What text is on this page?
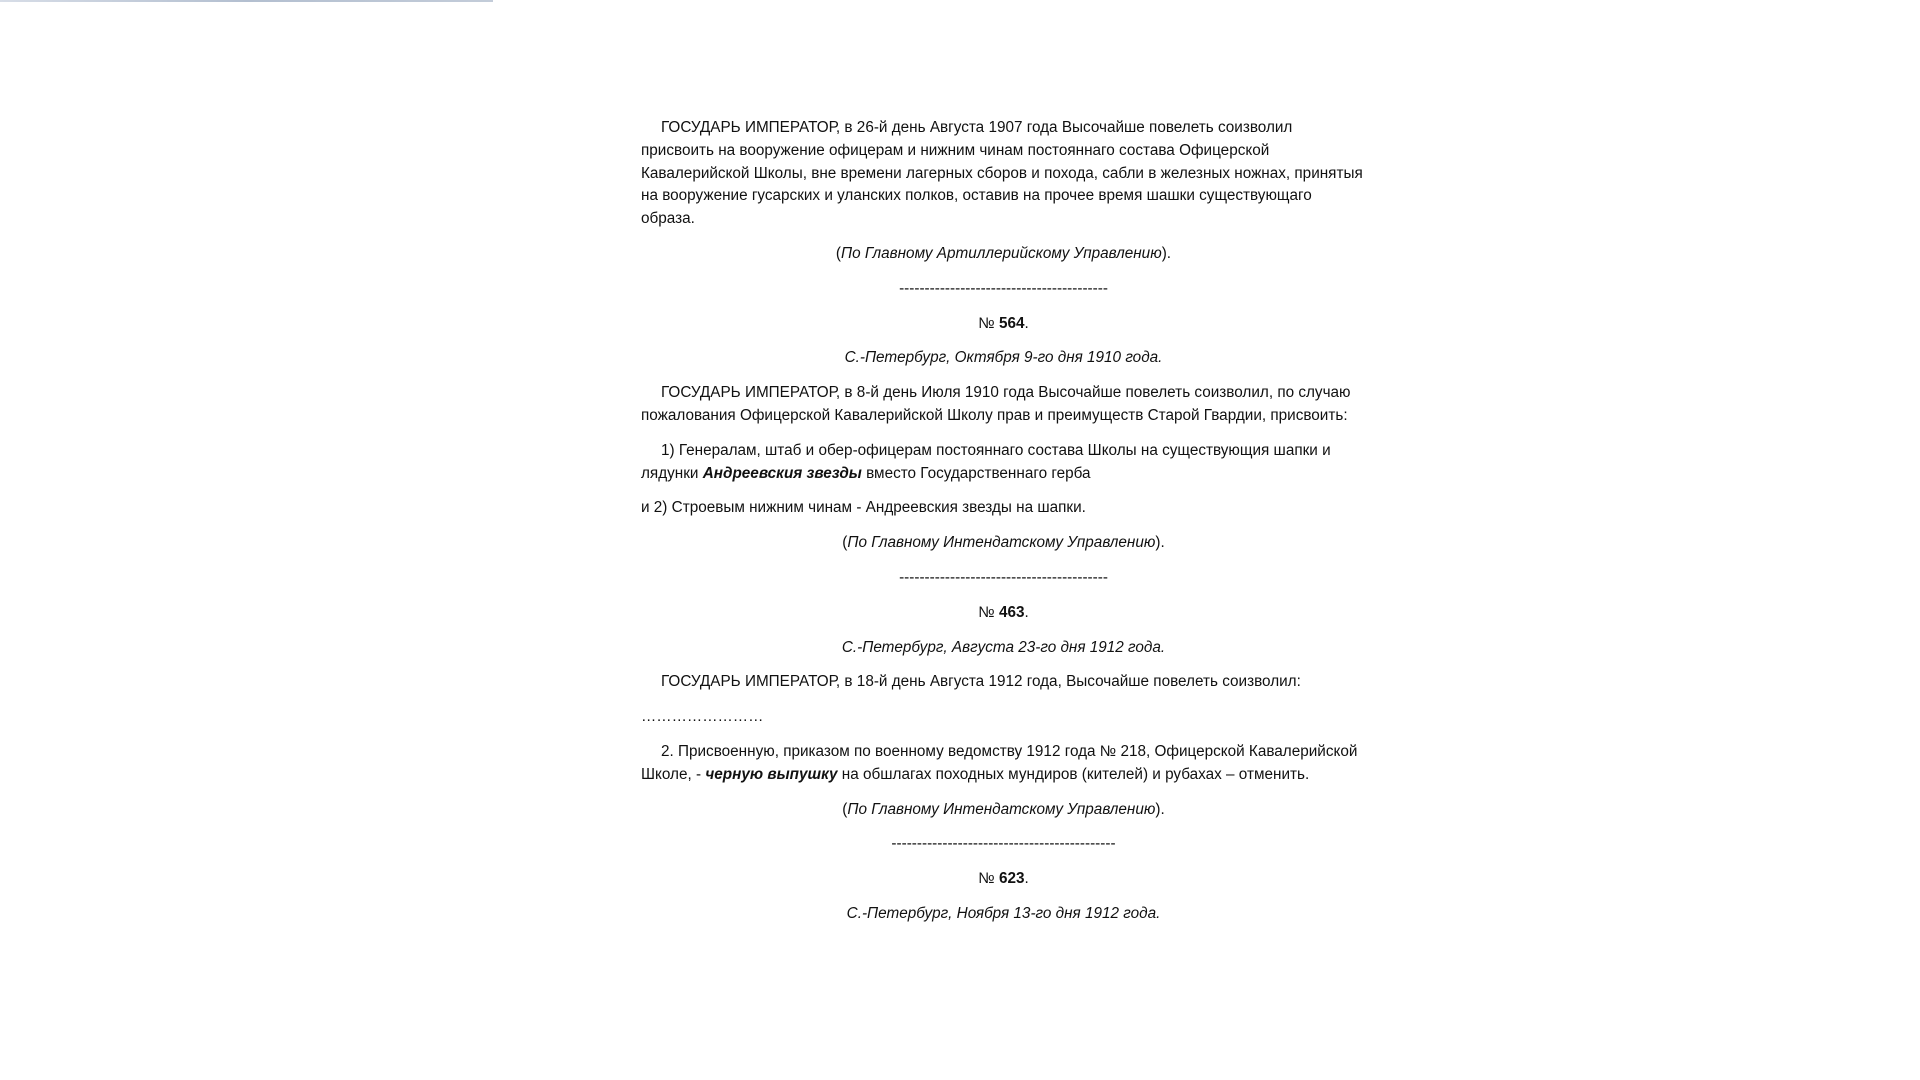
ГОСУДАРЬ ИМПЕРАТОР, в 26-й день Августа 1907 года Высочайше повелеть соизволил присвоить на вооружение офицерам и нижним чинам постояннаго состава Офицерской Кавалерийской Школы, вне времени лагерных сборов и похода, сабли в железных ножнах, принятыя на вооружение гусарских и уланских полков, оставив на прочее время шашки существующаго образа.

(По Главному Артиллерийскому Управлению).

-----------------------------------------

№ 564.

С.-Петербург, Октября 9-го дня 1910 года.

ГОСУДАРЬ ИМПЕРАТОР, в 8-й день Июля 1910 года Высочайше повелеть соизволил, по случаю пожалования Офицерской Кавалерийской Школу прав и преимуществ Старой Гвардии, присвоить:

1) Генералам, штаб и обер-офицерам постояннаго состава Школы на существующия шапки и лядунки Андреевския звезды вместо Государственнаго герба

и 2) Строевым нижним чинам - Андреевския звезды на шапки.

(По Главному Интендатскому Управлению).

-----------------------------------------

№ 463.

С.-Петербург, Августа 23-го дня 1912 года.

ГОСУДАРЬ ИМПЕРАТОР, в 18-й день Августа 1912 года, Высочайше повелеть соизволил:

……………………

2. Присвоенную, приказом по военному ведомству 1912 года № 218, Офицерской Кавалерийской Школе, - черную выпушку на обшлагах походных мундиров (кителей) и рубахах – отменить.

(По Главному Интендатскому Управлению).

--------------------------------------------

№ 623.

С.-Петербург, Ноября 13-го дня 1912 года.
